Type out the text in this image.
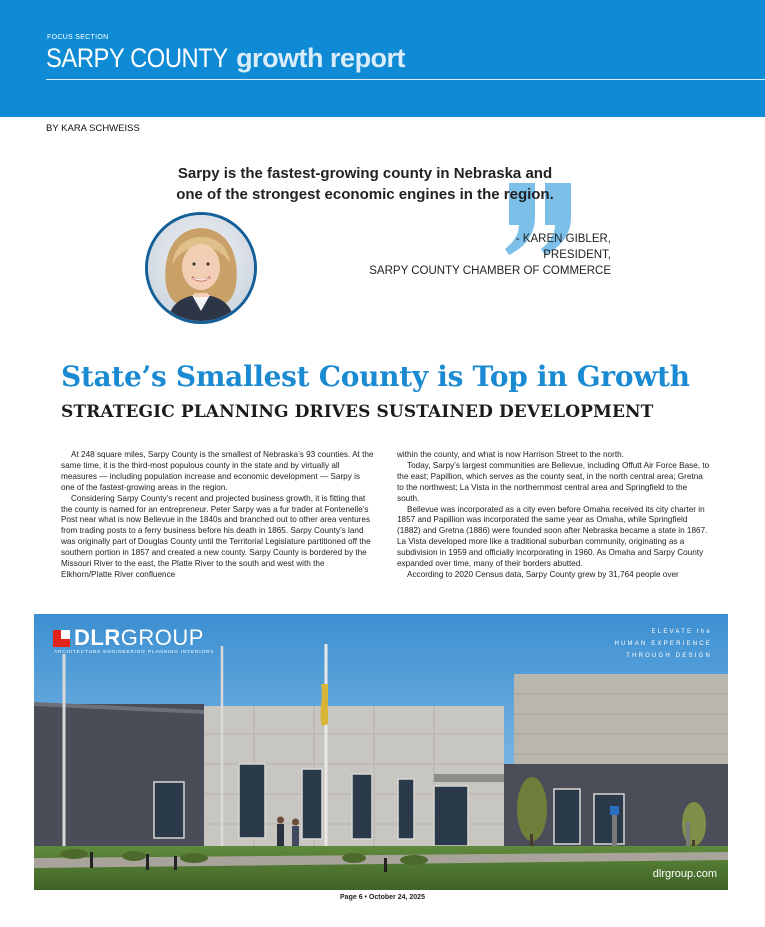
FOCUS SECTION
SARPY COUNTY growth report
BY KARA SCHWEISS
Sarpy is the fastest-growing county in Nebraska and
one of the strongest economic engines in the region.
- KAREN GIBLER,
PRESIDENT,
SARPY COUNTY CHAMBER OF COMMERCE
State’s Smallest County is Top in Growth
STRATEGIC PLANNING DRIVES SUSTAINED DEVELOPMENT

At 248 square miles, Sarpy County is the smallest of Nebraska’s 93 counties. At the same time, it is the third-most populous county in the state and by virtually all measures — including population increase and economic development — Sarpy is one of the fastest-growing areas in the region.

Considering Sarpy County’s recent and projected business growth, it is fitting that the county is named for an entrepreneur. Peter Sarpy was a fur trader at Fontenelle’s Post near what is now Bellevue in the 1840s and branched out to other area ventures from trading posts to a ferry business before his death in 1865. Sarpy County’s land was originally part of Douglas County until the Territorial Legislature partitioned off the southern portion in 1857 and created a new county. Sarpy County is bordered by the Missouri River to the east, the Platte River to the south and west with the Elkhorn/Platte River confluence

within the county, and what is now Harrison Street to the north.

Today, Sarpy’s largest communities are Bellevue, including Offutt Air Force Base, to the east; Papillion, which serves as the county seat, in the north central area; Gretna to the northwest; La Vista in the northernmost central area and Springfield to the south.

Bellevue was incorporated as a city even before Omaha received its city charter in 1857 and Papillion was incorporated the same year as Omaha, while Springfield (1882) and Gretna (1886) were founded soon after Nebraska became a state in 1867. La Vista developed more like a traditional suburban community, originating as a subdivision in 1959 and officially incorporating in 1960. As Omaha and Sarpy County expanded over time, many of their borders abutted.

According to 2020 Census data, Sarpy County grew by 31,764 people over

DLRGROUP
ARCHITECTURE ENGINEERING PLANNING INTERIORS
ELEVATE the
HUMAN EXPERIENCE
THROUGH DESIGN
dlrgroup.com
Page 6 • October 24, 2025
